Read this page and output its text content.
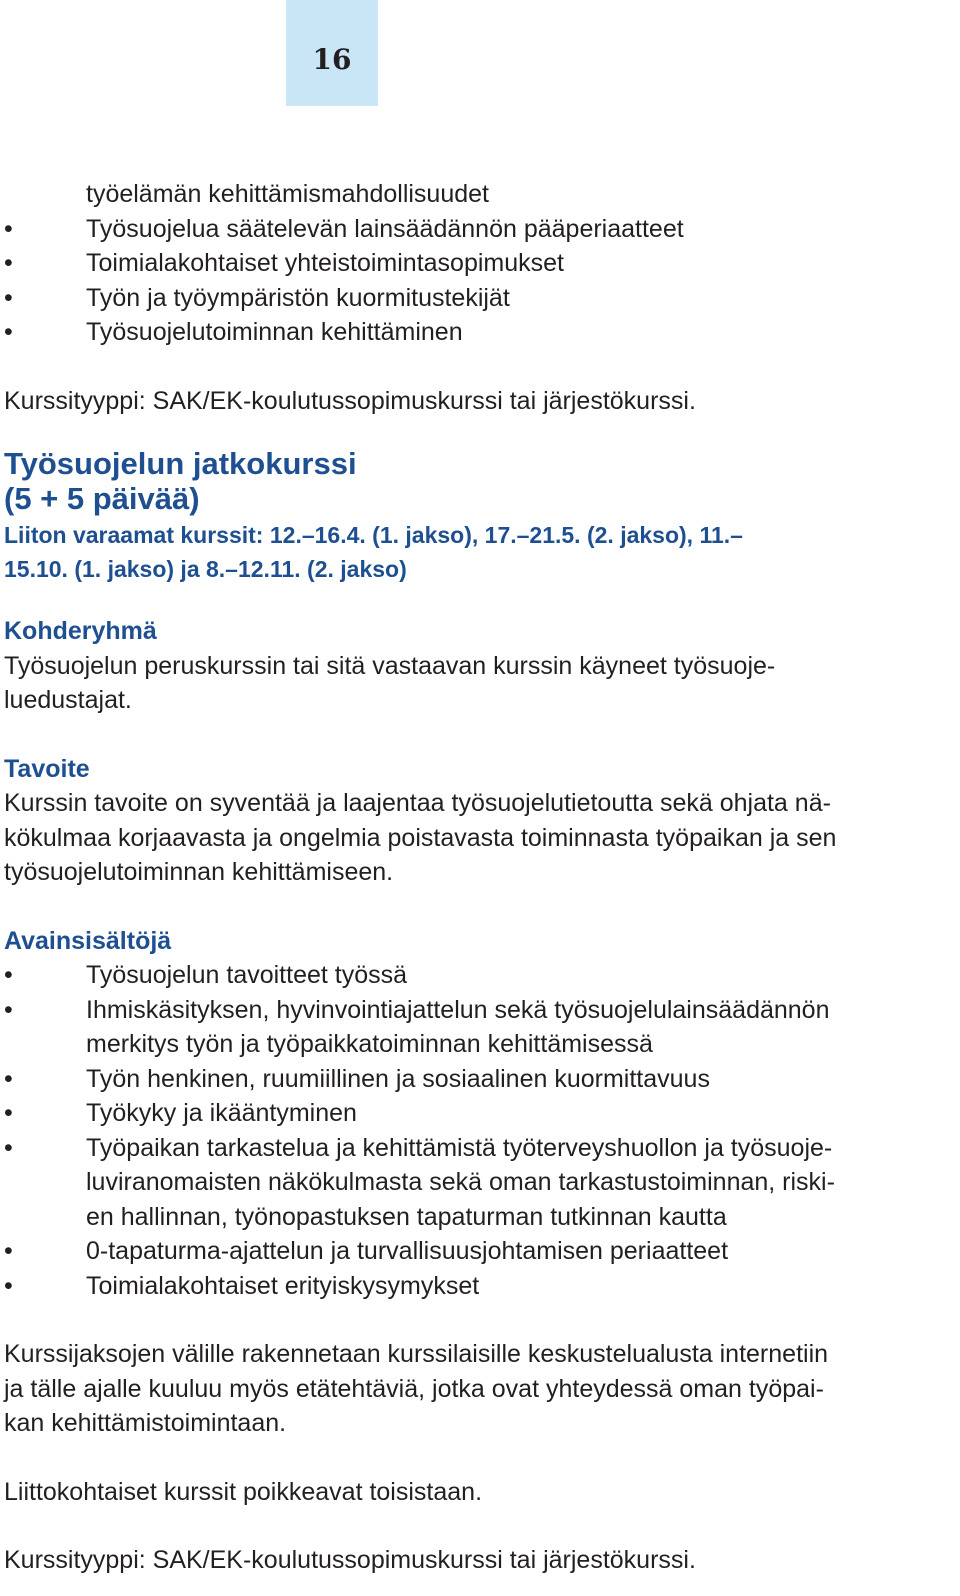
16

työelämän kehittämismahdollisuudet

•	Työsuojelua säätelevän lainsäädännön pääperiaatteet
•	Toimialakohtaiset yhteistoimintasopimukset
•	Työn ja työympäristön kuormitustekijät
•	Työsuojelutoiminnan kehittäminen

Kurssityyppi: SAK/EK-koulutussopimuskurssi tai järjestökurssi.

Työsuojelun jatkokurssi
(5 + 5 päivää)

Liiton varaamat kurssit: 12.–16.4. (1. jakso), 17.–21.5. (2. jakso), 11.–
15.10. (1. jakso) ja 8.–12.11. (2. jakso)

Kohderyhmä

Työsuojelun peruskurssin tai sitä vastaavan kurssin käyneet työsuoje-
luedustajat.

Tavoite

Kurssin tavoite on syventää ja laajentaa työsuojelutietoutta sekä ohjata nä-
kökulmaa korjaavasta ja ongelmia poistavasta toiminnasta työpaikan ja sen
työsuojelutoiminnan kehittämiseen.

Avainsisältöjä
•	Työsuojelun tavoitteet työssä
•	Ihmiskäsityksen, hyvinvointiajattelun sekä työsuojelulainsäädännön
merkitys työn ja työpaikkatoiminnan kehittämisessä
•	Työn henkinen, ruumiillinen ja sosiaalinen kuormittavuus
•	Työkyky ja ikääntyminen
•	Työpaikan tarkastelua ja kehittämistä työterveyshuollon ja työsuoje-
luviranomaisten näkökulmasta sekä oman tarkastustoiminnan, riski-
en hallinnan, työnopastuksen tapaturman tutkinnan kautta
•	0-tapaturma-ajattelun ja turvallisuusjohtamisen periaatteet
•	Toimialakohtaiset erityiskysymykset

Kurssijaksojen välille rakennetaan kurssilaisille keskustelualusta internetiin
ja tälle ajalle kuuluu myös etätehtäviä, jotka ovat yhteydessä oman työpai-
kan kehittämistoimintaan.

Liittokohtaiset kurssit poikkeavat toisistaan.

Kurssityyppi: SAK/EK-koulutussopimuskurssi tai järjestökurssi.
